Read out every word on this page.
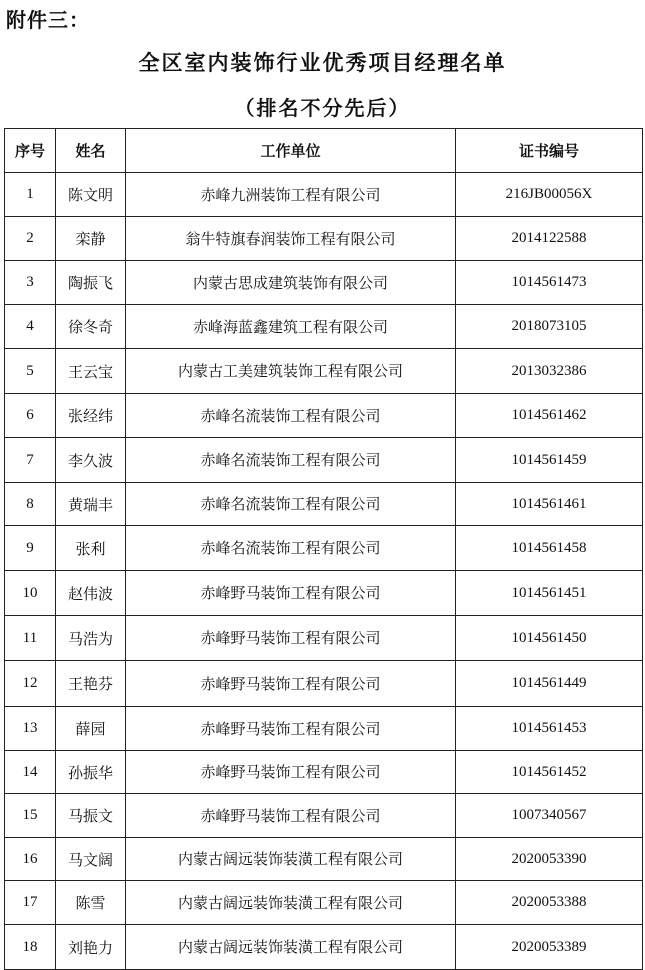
附件三：
全区室内装饰行业优秀项目经理名单
（排名不分先后）
序号	姓名	工作单位	证书编号
1	陈文明	赤峰九洲装饰工程有限公司	216JB00056X
2	栾静	翁牛特旗春润装饰工程有限公司	2014122588
3	陶振飞	内蒙古思成建筑装饰有限公司	1014561473
4	徐冬奇	赤峰海蓝鑫建筑工程有限公司	2018073105
5	王云宝	内蒙古工美建筑装饰工程有限公司	2013032386
6	张经纬	赤峰名流装饰工程有限公司	1014561462
7	李久波	赤峰名流装饰工程有限公司	1014561459
8	黄瑞丰	赤峰名流装饰工程有限公司	1014561461
9	张利	赤峰名流装饰工程有限公司	1014561458
10	赵伟波	赤峰野马装饰工程有限公司	1014561451
11	马浩为	赤峰野马装饰工程有限公司	1014561450
12	王艳芬	赤峰野马装饰工程有限公司	1014561449
13	薛园	赤峰野马装饰工程有限公司	1014561453
14	孙振华	赤峰野马装饰工程有限公司	1014561452
15	马振文	赤峰野马装饰工程有限公司	1007340567
16	马文阔	内蒙古阔远装饰装潢工程有限公司	2020053390
17	陈雪	内蒙古阔远装饰装潢工程有限公司	2020053388
18	刘艳力	内蒙古阔远装饰装潢工程有限公司	2020053389
